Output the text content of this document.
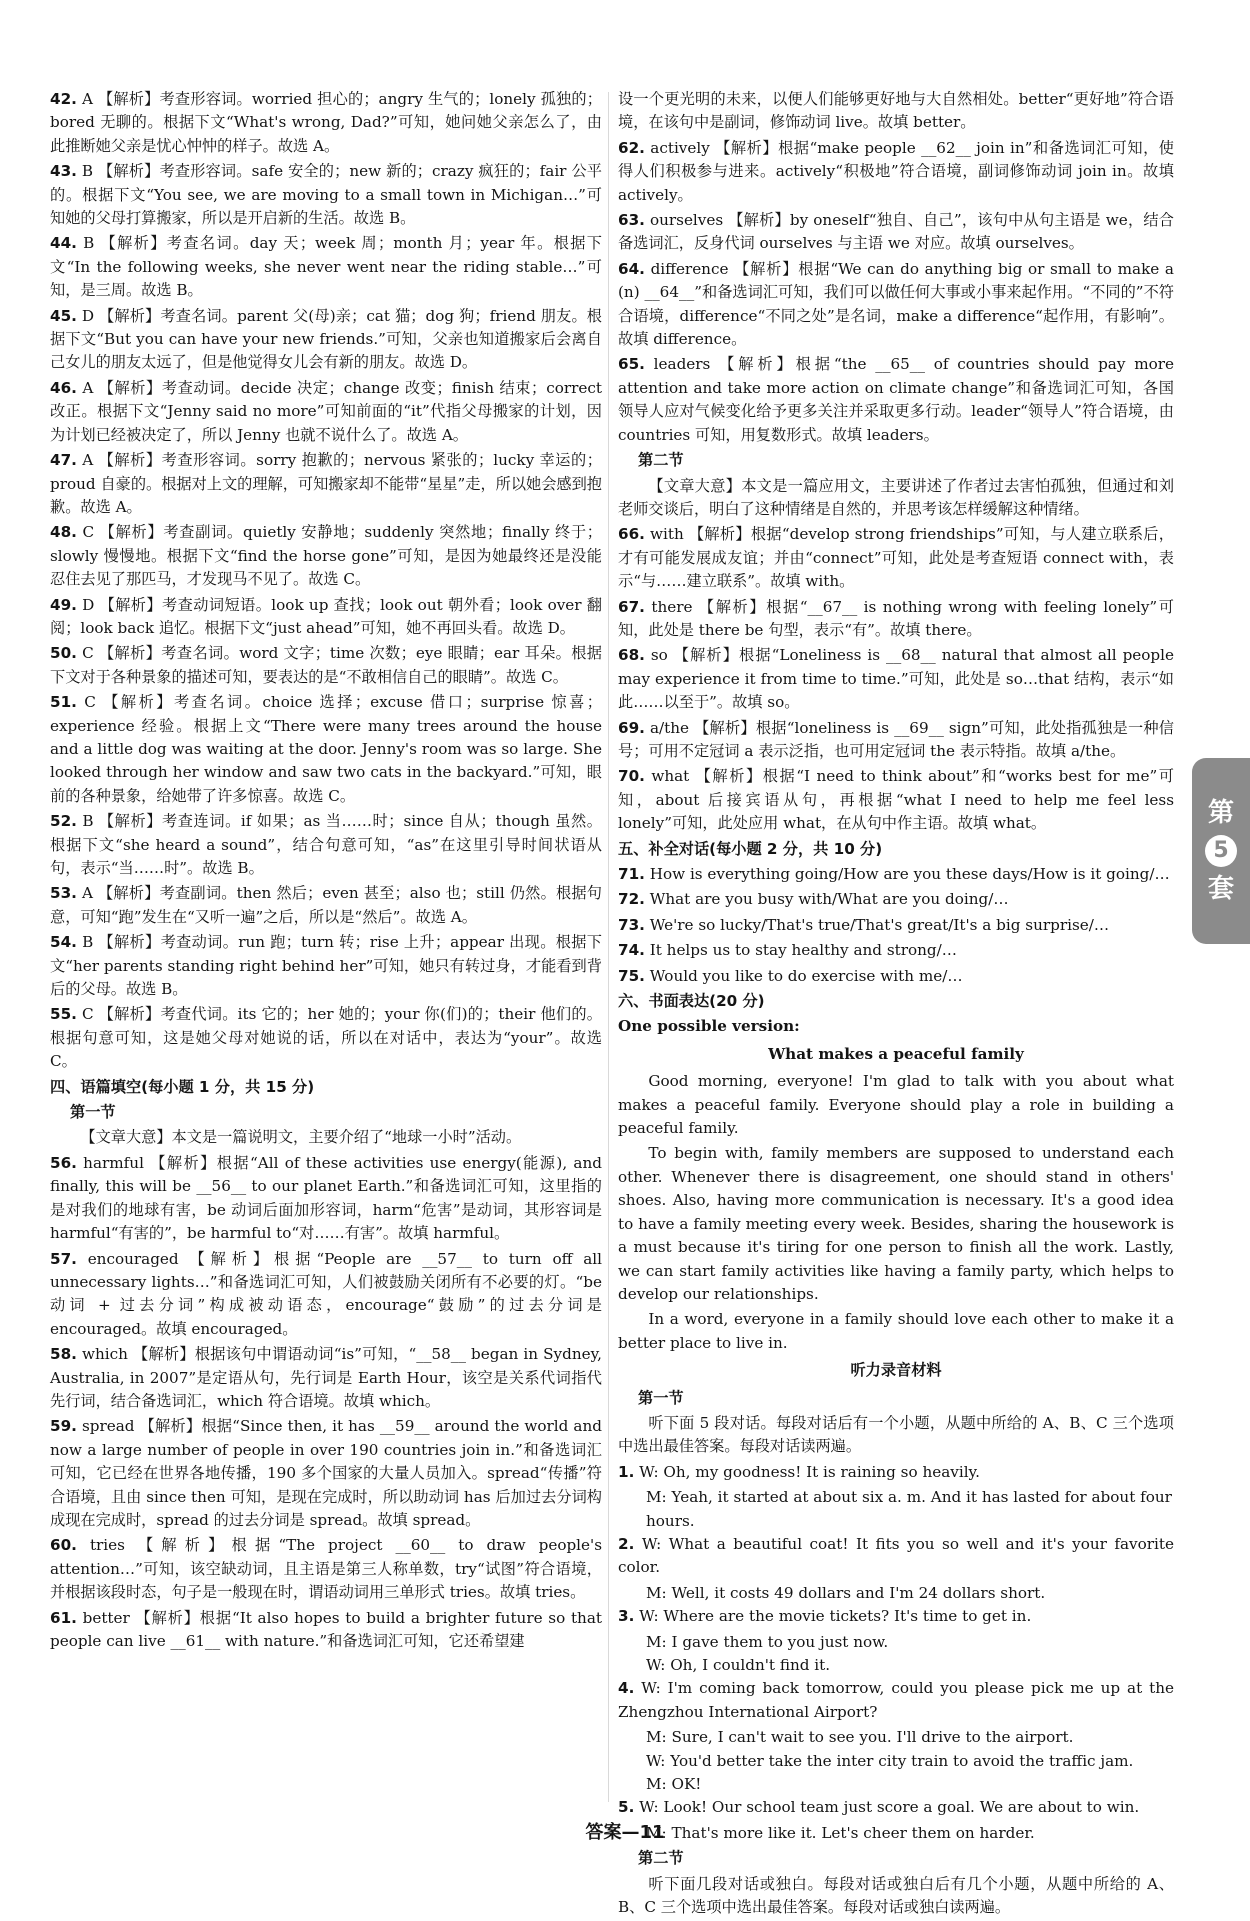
42. A 【解析】考查形容词。worried 担心的；angry 生气的；lonely 孤独的；bored 无聊的。根据下文“What's wrong, Dad?”可知，她问她父亲怎么了，由此推断她父亲是忧心忡忡的样子。故选 A。
43. B 【解析】考查形容词。safe 安全的；new 新的；crazy 疯狂的；fair 公平的。根据下文“You see, we are moving to a small town in Michigan…”可知她的父母打算搬家，所以是开启新的生活。故选 B。
44. B 【解析】考查名词。day 天；week 周；month 月；year 年。根据下文“In the following weeks, she never went near the riding stable…”可知，是三周。故选 B。
45. D 【解析】考查名词。parent 父(母)亲；cat 猫；dog 狗；friend 朋友。根据下文“But you can have your new friends.”可知，父亲也知道搬家后会离自己女儿的朋友太远了，但是他觉得女儿会有新的朋友。故选 D。
46. A 【解析】考查动词。decide 决定；change 改变；finish 结束；correct 改正。根据下文“Jenny said no more”可知前面的“it”代指父母搬家的计划，因为计划已经被决定了，所以 Jenny 也就不说什么了。故选 A。
47. A 【解析】考查形容词。sorry 抱歉的；nervous 紧张的；lucky 幸运的；proud 自豪的。根据对上文的理解，可知搬家却不能带“星星”走，所以她会感到抱歉。故选 A。
48. C 【解析】考查副词。quietly 安静地；suddenly 突然地；finally 终于；slowly 慢慢地。根据下文“find the horse gone”可知，是因为她最终还是没能忍住去见了那匹马，才发现马不见了。故选 C。
49. D 【解析】考查动词短语。look up 查找；look out 朝外看；look over 翻阅；look back 追忆。根据下文“just ahead”可知，她不再回头看。故选 D。
50. C 【解析】考查名词。word 文字；time 次数；eye 眼睛；ear 耳朵。根据下文对于各种景象的描述可知，要表达的是“不敢相信自己的眼睛”。故选 C。
51. C 【解析】考查名词。choice 选择；excuse 借口；surprise 惊喜；experience 经验。根据上文“There were many trees around the house and a little dog was waiting at the door. Jenny's room was so large. She looked through her window and saw two cats in the backyard.”可知，眼前的各种景象，给她带了许多惊喜。故选 C。
52. B 【解析】考查连词。if 如果；as 当……时；since 自从；though 虽然。根据下文“she heard a sound”，结合句意可知，“as”在这里引导时间状语从句，表示“当……时”。故选 B。
53. A 【解析】考查副词。then 然后；even 甚至；also 也；still 仍然。根据句意，可知“跑”发生在“又听一遍”之后，所以是“然后”。故选 A。
54. B 【解析】考查动词。run 跑；turn 转；rise 上升；appear 出现。根据下文“her parents standing right behind her”可知，她只有转过身，才能看到背后的父母。故选 B。
55. C 【解析】考查代词。its 它的；her 她的；your 你(们)的；their 他们的。根据句意可知，这是她父母对她说的话，所以在对话中，表达为“your”。故选 C。
四、语篇填空(每小题 1 分，共 15 分)
第一节
【文章大意】本文是一篇说明文，主要介绍了“地球一小时”活动。
56. harmful 【解析】根据“All of these activities use energy(能源), and finally, this will be __56__ to our planet Earth.”和备选词汇可知，这里指的是对我们的地球有害，be 动词后面加形容词，harm“危害”是动词，其形容词是 harmful“有害的”，be harmful to“对……有害”。故填 harmful。
57. encouraged 【解析】根据“People are __57__ to turn off all unnecessary lights…”和备选词汇可知，人们被鼓励关闭所有不必要的灯。“be 动词 + 过去分词”构成被动语态，encourage“鼓励”的过去分词是 encouraged。故填 encouraged。
58. which 【解析】根据该句中谓语动词“is”可知，“__58__ began in Sydney, Australia, in 2007”是定语从句，先行词是 Earth Hour，该空是关系代词指代先行词，结合备选词汇，which 符合语境。故填 which。
59. spread 【解析】根据“Since then, it has __59__ around the world and now a large number of people in over 190 countries join in.”和备选词汇可知，它已经在世界各地传播，190 多个国家的大量人员加入。spread“传播”符合语境，且由 since then 可知，是现在完成时，所以助动词 has 后加过去分词构成现在完成时，spread 的过去分词是 spread。故填 spread。
60. tries 【解析】根据“The project __60__ to draw people's attention…”可知，该空缺动词，且主语是第三人称单数，try“试图”符合语境，并根据该段时态，句子是一般现在时，谓语动词用三单形式 tries。故填 tries。
61. better 【解析】根据“It also hopes to build a brighter future so that people can live __61__ with nature.”和备选词汇可知，它还希望建
设一个更光明的未来，以便人们能够更好地与大自然相处。better“更好地”符合语境，在该句中是副词，修饰动词 live。故填 better。
62. actively 【解析】根据“make people __62__ join in”和备选词汇可知，使得人们积极参与进来。actively“积极地”符合语境，副词修饰动词 join in。故填 actively。
63. ourselves 【解析】by oneself“独自、自己”，该句中从句主语是 we，结合备选词汇，反身代词 ourselves 与主语 we 对应。故填 ourselves。
64. difference 【解析】根据“We can do anything big or small to make a (n) __64__”和备选词汇可知，我们可以做任何大事或小事来起作用。“不同的”不符合语境，difference“不同之处”是名词，make a difference“起作用，有影响”。故填 difference。
65. leaders 【解析】根据“the __65__ of countries should pay more attention and take more action on climate change”和备选词汇可知，各国领导人应对气候变化给予更多关注并采取更多行动。leader“领导人”符合语境，由 countries 可知，用复数形式。故填 leaders。
第二节
【文章大意】本文是一篇应用文，主要讲述了作者过去害怕孤独，但通过和刘老师交谈后，明白了这种情绪是自然的，并思考该怎样缓解这种情绪。
66. with 【解析】根据“develop strong friendships”可知，与人建立联系后，才有可能发展成友谊；并由“connect”可知，此处是考查短语 connect with，表示“与……建立联系”。故填 with。
67. there 【解析】根据“__67__ is nothing wrong with feeling lonely”可知，此处是 there be 句型，表示“有”。故填 there。
68. so 【解析】根据“Loneliness is __68__ natural that almost all people may experience it from time to time.”可知，此处是 so…that 结构，表示“如此……以至于”。故填 so。
69. a/the 【解析】根据“loneliness is __69__ sign”可知，此处指孤独是一种信号；可用不定冠词 a 表示泛指，也可用定冠词 the 表示特指。故填 a/the。
70. what 【解析】根据“I need to think about”和“works best for me”可知，about 后接宾语从句，再根据“what I need to help me feel less lonely”可知，此处应用 what，在从句中作主语。故填 what。
五、补全对话(每小题 2 分，共 10 分)
71. How is everything going/How are you these days/How is it going/…
72. What are you busy with/What are you doing/…
73. We're so lucky/That's true/That's great/It's a big surprise/…
74. It helps us to stay healthy and strong/…
75. Would you like to do exercise with me/…
六、书面表达(20 分)
One possible version:
What makes a peaceful family
Good morning, everyone! I'm glad to talk with you about what makes a peaceful family. Everyone should play a role in building a peaceful family.
To begin with, family members are supposed to understand each other. Whenever there is disagreement, one should stand in others' shoes. Also, having more communication is necessary. It's a good idea to have a family meeting every week. Besides, sharing the housework is a must because it's tiring for one person to finish all the work. Lastly, we can start family activities like having a family party, which helps to develop our relationships.
In a word, everyone in a family should love each other to make it a better place to live in.
听力录音材料
第一节
听下面 5 段对话。每段对话后有一个小题，从题中所给的 A、B、C 三个选项中选出最佳答案。每段对话读两遍。
1. W: Oh, my goodness! It is raining so heavily.
M: Yeah, it started at about six a. m. And it has lasted for about four hours.
2. W: What a beautiful coat! It fits you so well and it's your favorite color.
M: Well, it costs 49 dollars and I'm 24 dollars short.
3. W: Where are the movie tickets? It's time to get in.
M: I gave them to you just now.
W: Oh, I couldn't find it.
4. W: I'm coming back tomorrow, could you please pick me up at the Zhengzhou International Airport?
M: Sure, I can't wait to see you. I'll drive to the airport.
W: You'd better take the inter city train to avoid the traffic jam.
M: OK!
5. W: Look! Our school team just score a goal. We are about to win.
M: That's more like it. Let's cheer them on harder.
第二节
听下面几段对话或独白。每段对话或独白后有几个小题，从题中所给的 A、B、C 三个选项中选出最佳答案。每段对话或独白读两遍。
第
5
套
答案—11
